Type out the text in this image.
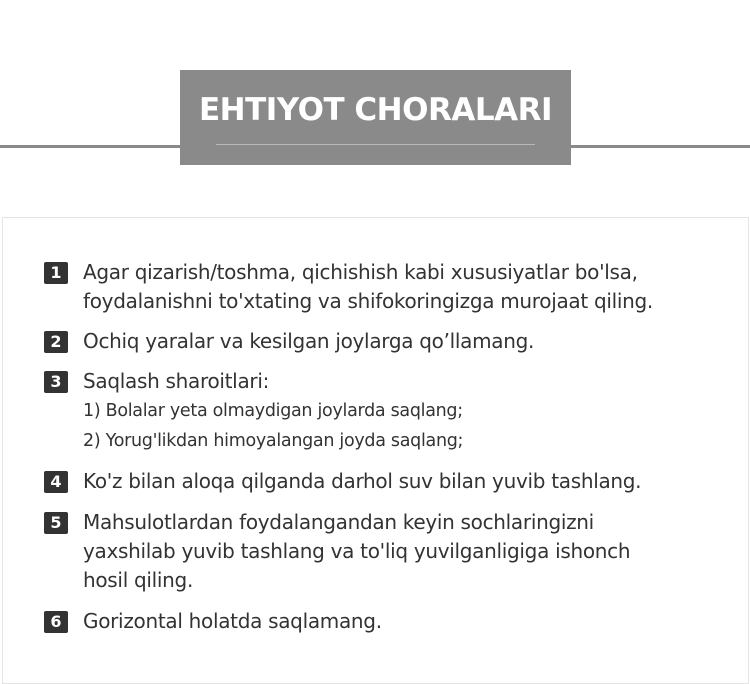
EHTIYOT CHORALARI
1	Agar qizarish/toshma, qichishish kabi xususiyatlar bo'lsa,
foydalanishni to'xtating va shifokoringizga murojaat qiling.
2	Ochiq yaralar va kesilgan joylarga qo’llamang.
3	Saqlash sharoitlari:
1) Bolalar yeta olmaydigan joylarda saqlang;
2) Yorug'likdan himoyalangan joyda saqlang;
4	Ko'z bilan aloqa qilganda darhol suv bilan yuvib tashlang.
5	Mahsulotlardan foydalangandan keyin sochlaringizni
yaxshilab yuvib tashlang va to'liq yuvilganligiga ishonch
hosil qiling.
6	Gorizontal holatda saqlamang.
